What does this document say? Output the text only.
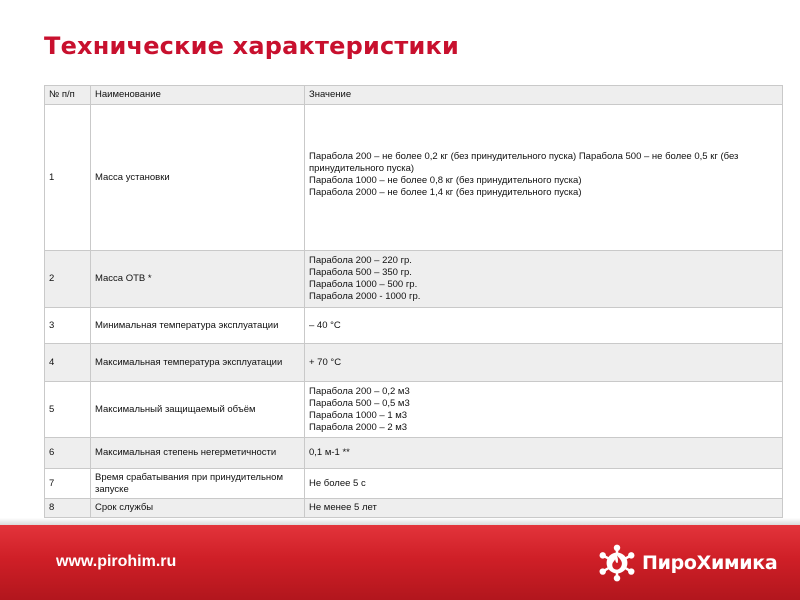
Технические характеристики
№ п/п	Наименование	Значение
1	Масса установки	Парабола 200 – не более 0,2 кг (без принудительного пуска) Парабола 500 – не более 0,5 кг (без принудительного пуска)
Парабола 1000 – не более 0,8 кг (без принудительного пуска)
Парабола 2000 – не более 1,4 кг (без принудительного пуска)

2	Масса ОТВ *	Парабола 200 – 220 гр.
Парабола 500 – 350 гр.
Парабола 1000 – 500 гр.
Парабола 2000 - 1000 гр.

3	Минимальная температура эксплуатации	– 40 °С

4	Максимальная температура эксплуатации	+ 70 °С

5	Максимальный защищаемый объём	Парабола 200 – 0,2 м3
Парабола 500 – 0,5 м3
Парабола 1000 – 1 м3
Парабола 2000 – 2 м3

6	Максимальная степень негерметичности	0,1 м-1 **

7	Время срабатывания при принудительном запуске	Не более 5 с

8	Срок службы	Не менее 5 лет
www.pirohim.ru	ПироХимика
